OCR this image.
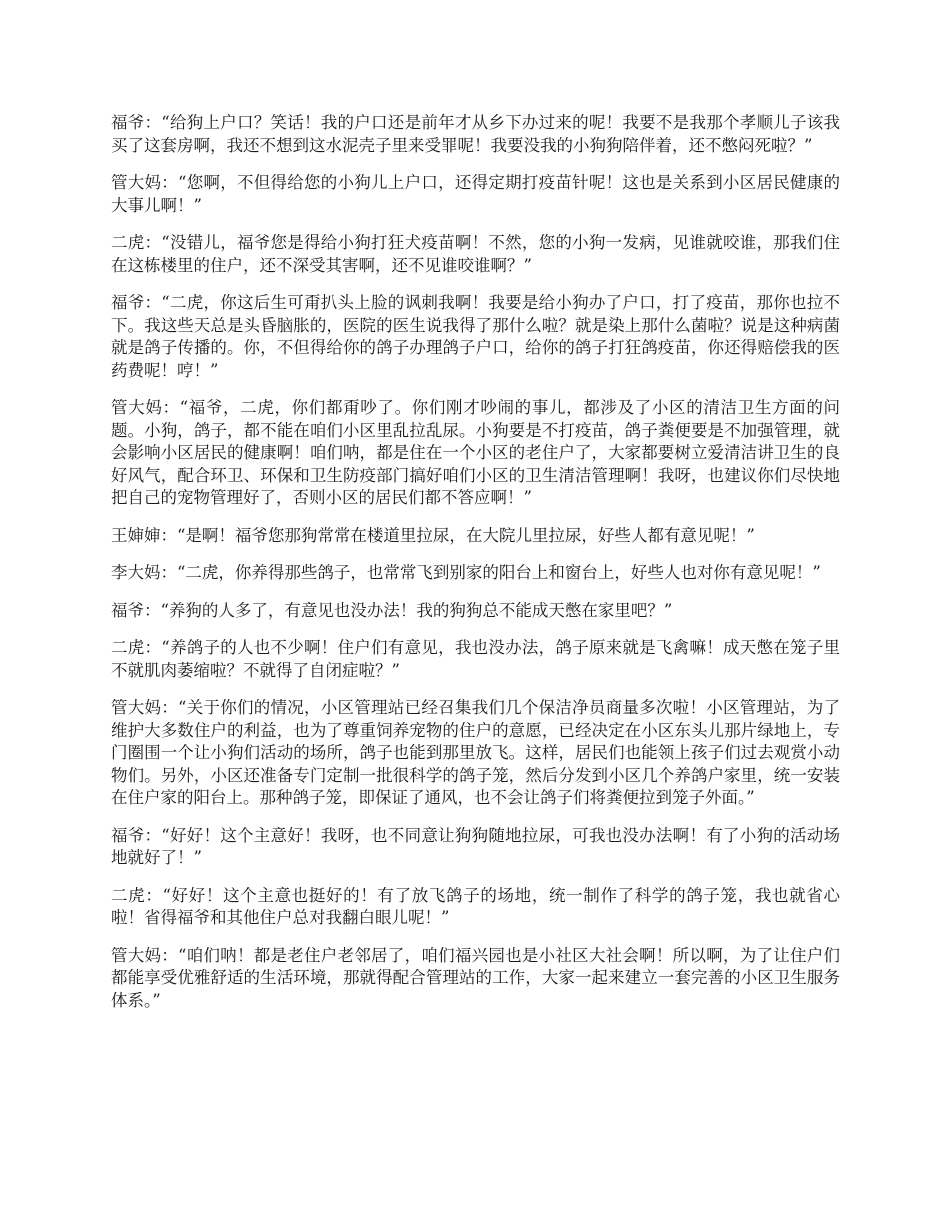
福爷：“给狗上户口？笑话！我的户口还是前年才从乡下办过来的呢！我要不是我那个孝顺儿子该我买了这套房啊，我还不想到这水泥壳子里来受罪呢！我要没我的小狗狗陪伴着，还不憋闷死啦？”

管大妈：“您啊，不但得给您的小狗儿上户口，还得定期打疫苗针呢！这也是关系到小区居民健康的大事儿啊！”

二虎：“没错儿，福爷您是得给小狗打狂犬疫苗啊！不然，您的小狗一发病，见谁就咬谁，那我们住在这栋楼里的住户，还不深受其害啊，还不见谁咬谁啊？”

福爷：“二虎，你这后生可甭扒头上脸的讽刺我啊！我要是给小狗办了户口，打了疫苗，那你也拉不下。我这些天总是头昏脑胀的，医院的医生说我得了那什么啦？就是染上那什么菌啦？说是这种病菌就是鸽子传播的。你，不但得给你的鸽子办理鸽子户口，给你的鸽子打狂鸽疫苗，你还得赔偿我的医药费呢！哼！”

管大妈：“福爷，二虎，你们都甭吵了。你们刚才吵闹的事儿，都涉及了小区的清洁卫生方面的问题。小狗，鸽子，都不能在咱们小区里乱拉乱尿。小狗要是不打疫苗，鸽子粪便要是不加强管理，就会影响小区居民的健康啊！咱们呐，都是住在一个小区的老住户了，大家都要树立爱清洁讲卫生的良好风气，配合环卫、环保和卫生防疫部门搞好咱们小区的卫生清洁管理啊！我呀，也建议你们尽快地把自己的宠物管理好了，否则小区的居民们都不答应啊！”

王婶婶：“是啊！福爷您那狗常常在楼道里拉尿，在大院儿里拉尿，好些人都有意见呢！”

李大妈：“二虎，你养得那些鸽子，也常常飞到别家的阳台上和窗台上，好些人也对你有意见呢！”

福爷：“养狗的人多了，有意见也没办法！我的狗狗总不能成天憋在家里吧？”

二虎：“养鸽子的人也不少啊！住户们有意见，我也没办法，鸽子原来就是飞禽嘛！成天憋在笼子里不就肌肉萎缩啦？不就得了自闭症啦？”

管大妈：“关于你们的情况，小区管理站已经召集我们几个保洁净员商量多次啦！小区管理站，为了维护大多数住户的利益，也为了尊重饲养宠物的住户的意愿，已经决定在小区东头儿那片绿地上，专门圈围一个让小狗们活动的场所，鸽子也能到那里放飞。这样，居民们也能领上孩子们过去观赏小动物们。另外，小区还准备专门定制一批很科学的鸽子笼，然后分发到小区几个养鸽户家里，统一安装在住户家的阳台上。那种鸽子笼，即保证了通风，也不会让鸽子们将粪便拉到笼子外面。”

福爷：“好好！这个主意好！我呀，也不同意让狗狗随地拉尿，可我也没办法啊！有了小狗的活动场地就好了！”

二虎：“好好！这个主意也挺好的！有了放飞鸽子的场地，统一制作了科学的鸽子笼，我也就省心啦！省得福爷和其他住户总对我翻白眼儿呢！”

管大妈：“咱们呐！都是老住户老邻居了，咱们福兴园也是小社区大社会啊！所以啊，为了让住户们都能享受优雅舒适的生活环境，那就得配合管理站的工作，大家一起来建立一套完善的小区卫生服务体系。”
